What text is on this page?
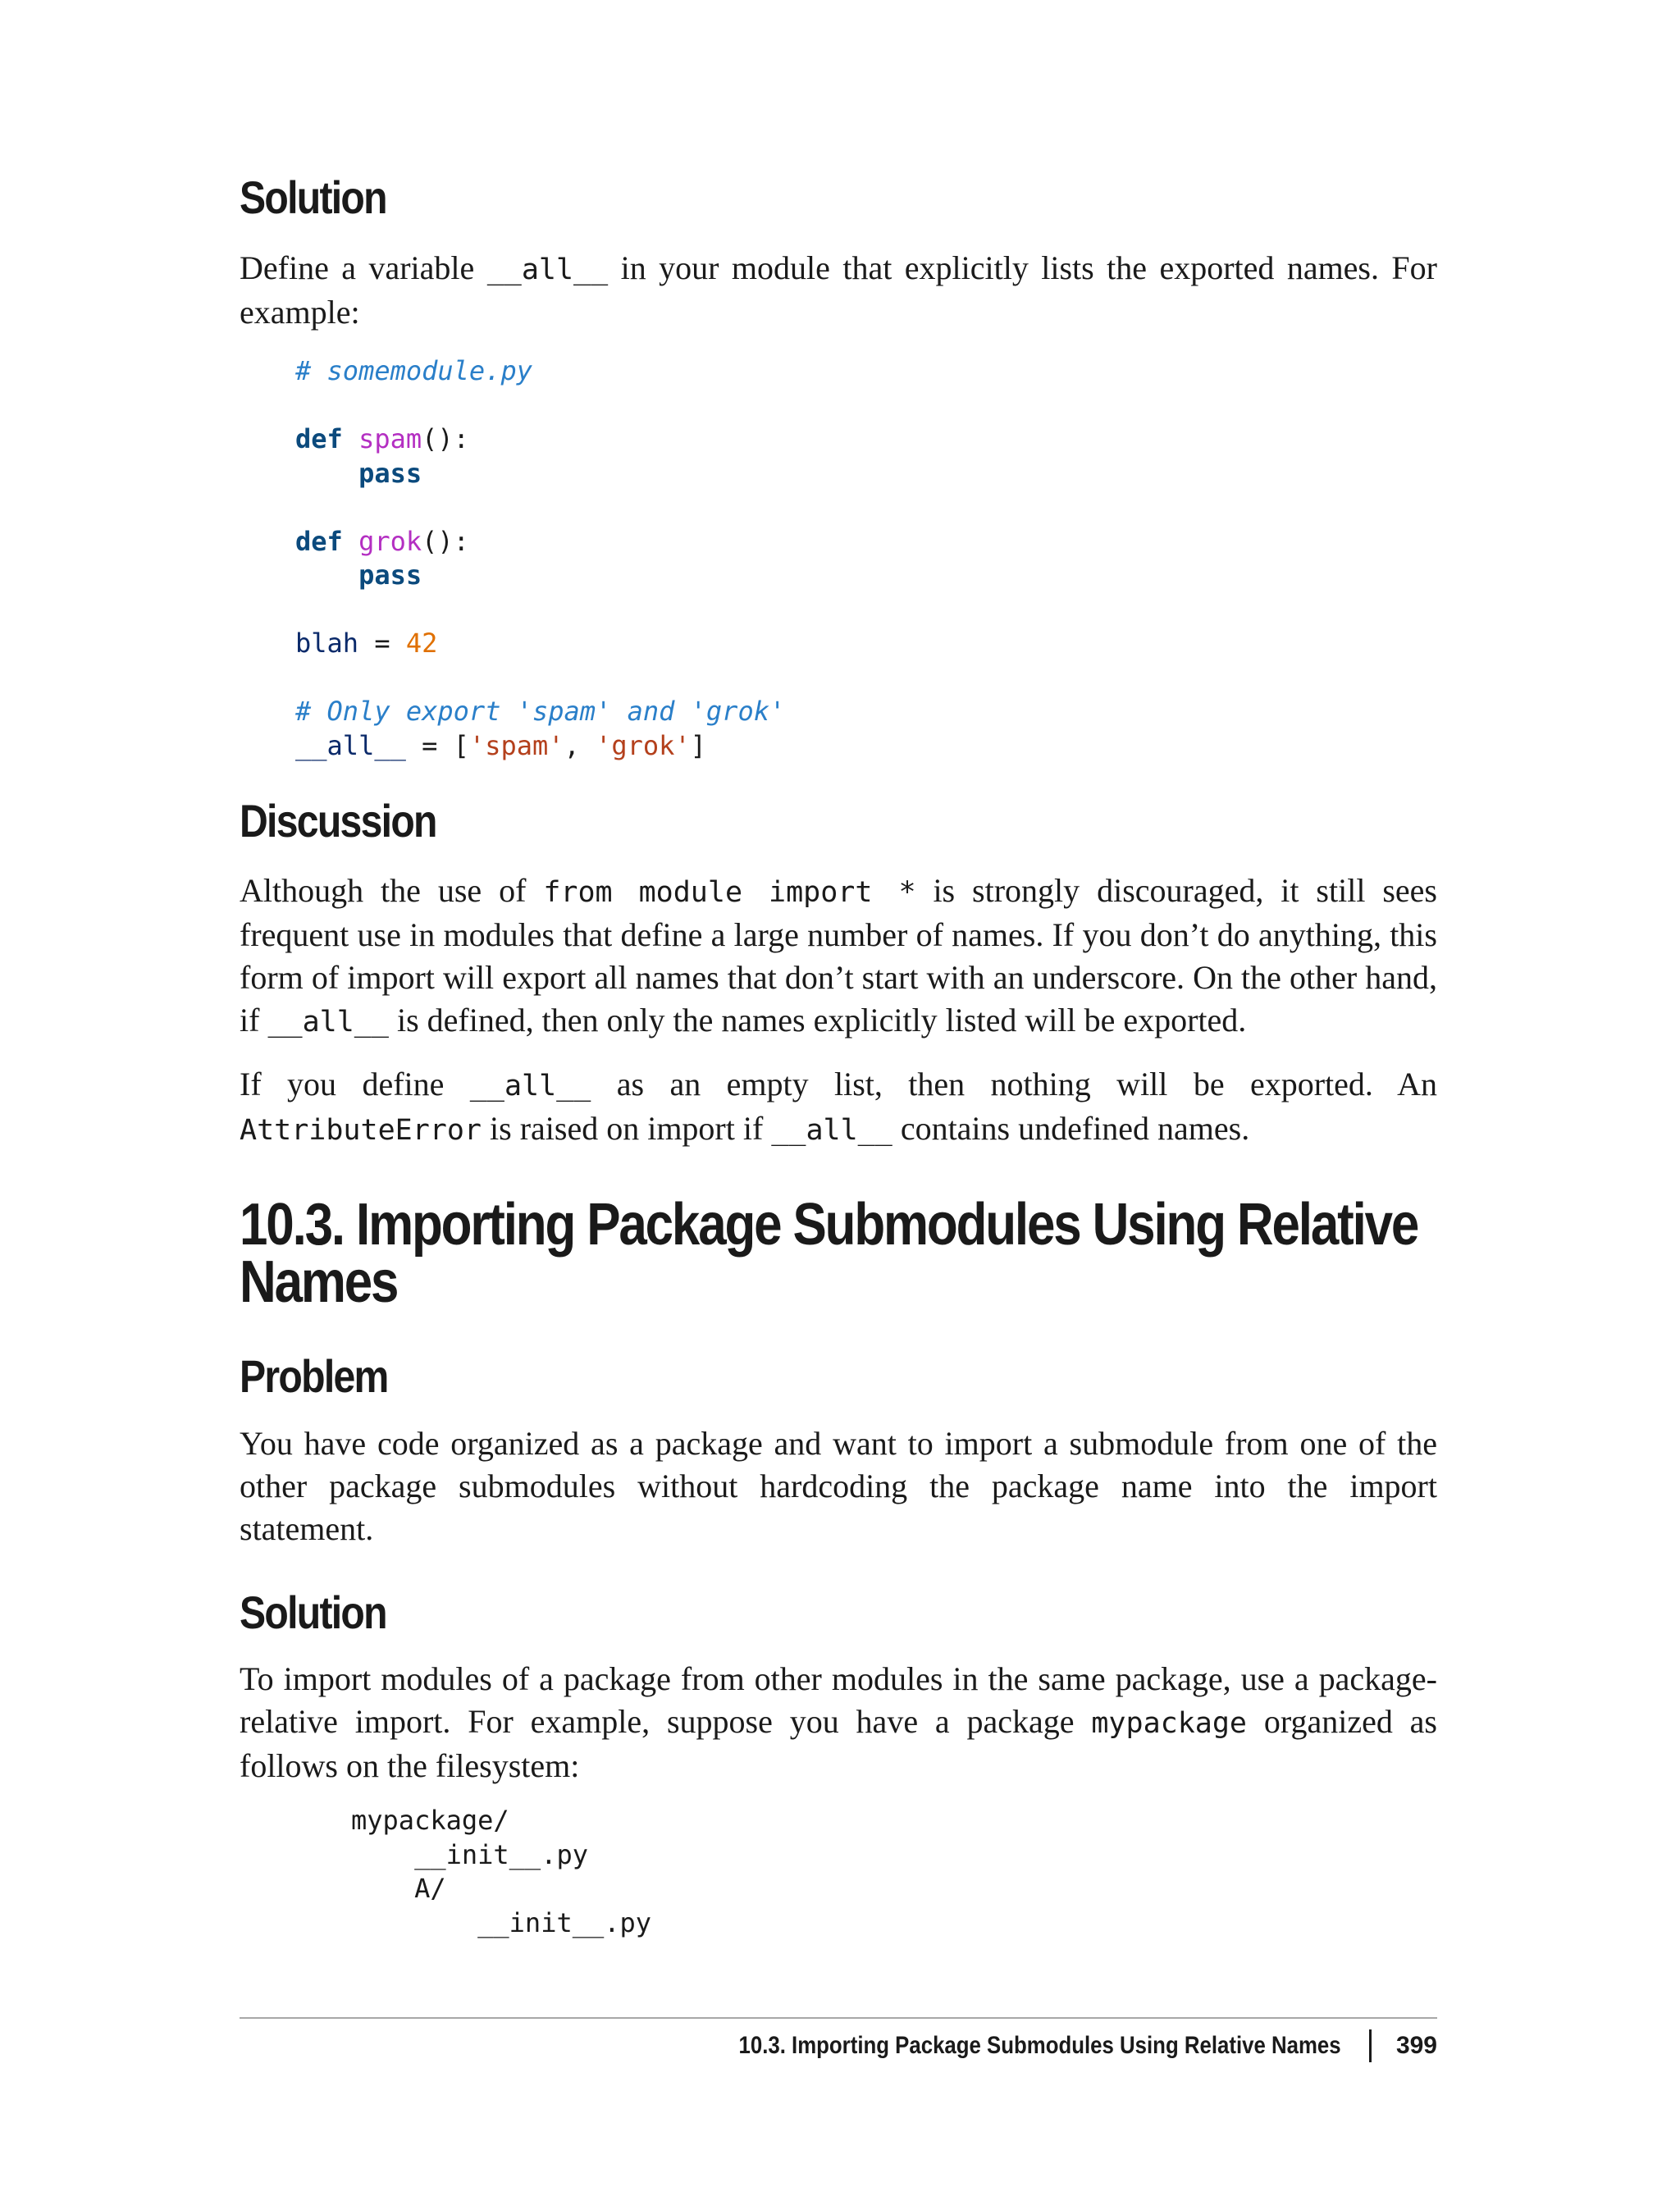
Solution

Define a variable __all__ in your module that explicitly lists the exported names. For example:

# somemodule.py

def spam():
pass

def grok():
pass

blah = 42

# Only export 'spam' and 'grok'
__all__ = ['spam', 'grok']
Discussion

Although the use of from module import * is strongly discouraged, it still sees frequent use in modules that define a large number of names. If you don’t do anything, this form of import will export all names that don’t start with an underscore. On the other hand, if __all__ is defined, then only the names explicitly listed will be exported.

If you define __all__ as an empty list, then nothing will be exported. An AttributeError is raised on import if __all__ contains undefined names.

10.3. Importing Package Submodules Using Relative Names
Problem

You have code organized as a package and want to import a submodule from one of the other package submodules without hardcoding the package name into the import statement.

Solution

To import modules of a package from other modules in the same package, use a package-relative import. For example, suppose you have a package mypackage organized as follows on the filesystem:

mypackage/
__init__.py
A/
__init__.py
10.3. Importing Package Submodules Using Relative Names 399
